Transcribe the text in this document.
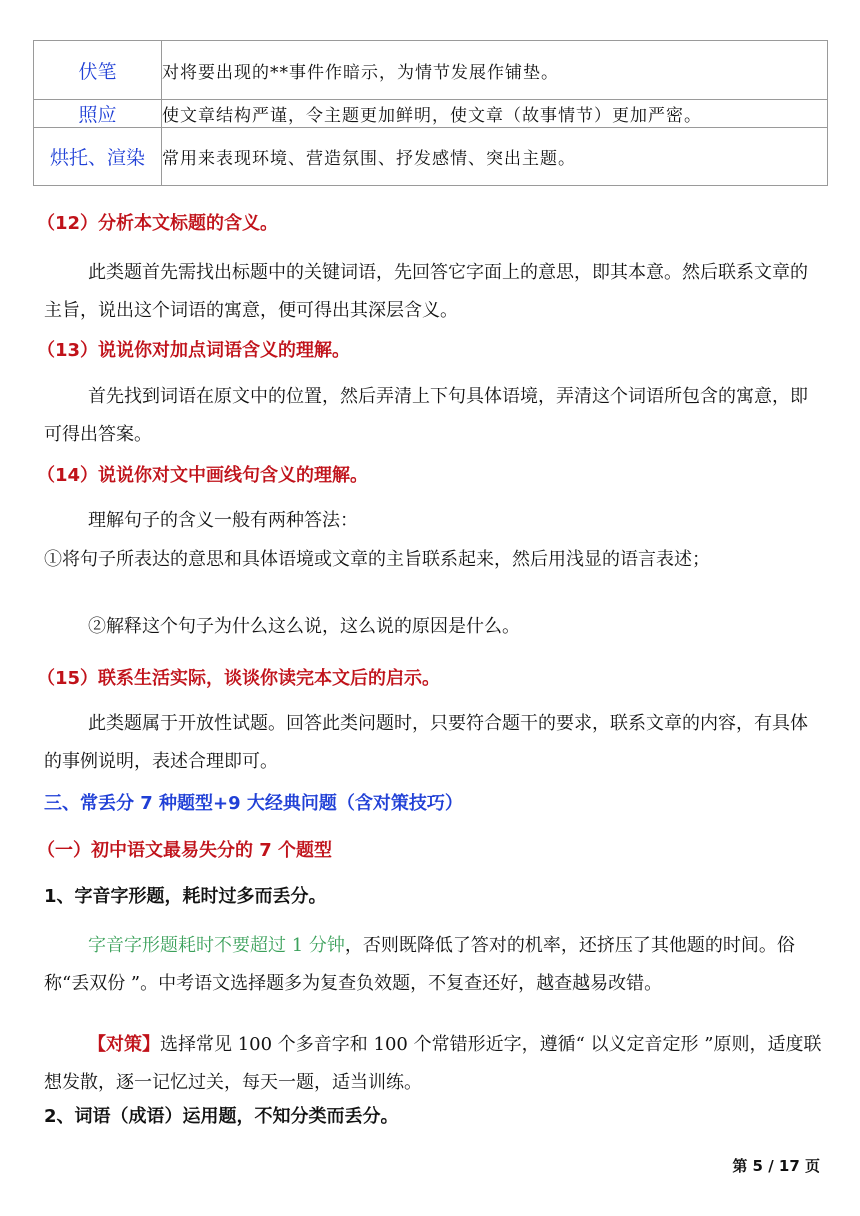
伏笔	对将要出现的**事件作暗示，为情节发展作铺垫。
照应	使文章结构严谨，令主题更加鲜明，使文章（故事情节）更加严密。
烘托、渲染	常用来表现环境、营造氛围、抒发感情、突出主题。
（12）分析本文标题的含义。
此类题首先需找出标题中的关键词语，先回答它字面上的意思，即其本意。然后联系文章的主旨，说出这个词语的寓意，便可得出其深层含义。
（13）说说你对加点词语含义的理解。
首先找到词语在原文中的位置，然后弄清上下句具体语境，弄清这个词语所包含的寓意，即可得出答案。
（14）说说你对文中画线句含义的理解。
理解句子的含义一般有两种答法：
①将句子所表达的意思和具体语境或文章的主旨联系起来，然后用浅显的语言表述；
②解释这个句子为什么这么说，这么说的原因是什么。
（15）联系生活实际，谈谈你读完本文后的启示。
此类题属于开放性试题。回答此类问题时，只要符合题干的要求，联系文章的内容，有具体的事例说明，表述合理即可。
三、常丢分 7 种题型+9 大经典问题（含对策技巧）
（一）初中语文最易失分的 7 个题型
1、字音字形题，耗时过多而丢分。
字音字形题耗时不要超过 1 分钟，否则既降低了答对的机率，还挤压了其他题的时间。俗称“丢双份 ”。中考语文选择题多为复查负效题，不复查还好，越查越易改错。
【对策】选择常见 100 个多音字和 100 个常错形近字，遵循“ 以义定音定形 ”原则，适度联想发散，逐一记忆过关，每天一题，适当训练。
2、词语（成语）运用题，不知分类而丢分。
第 5 / 17 页
